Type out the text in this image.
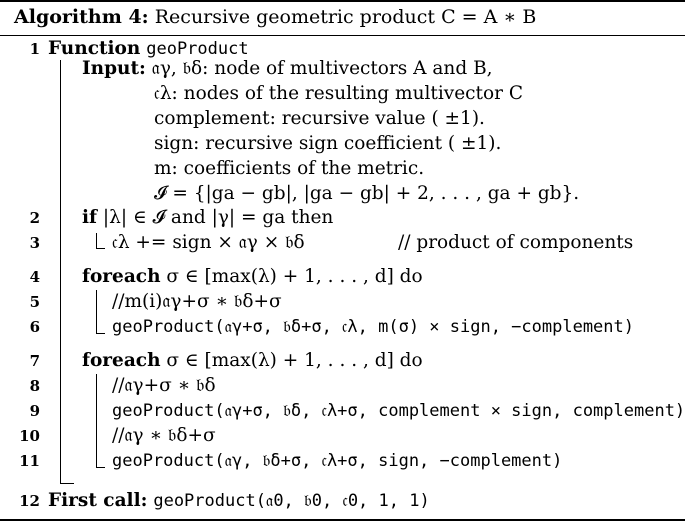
Algorithm 4: Recursive geometric product C = A ∗ B
1 Function geoProduct
Input: 𝔞γ, 𝔟δ: node of multivectors A and B,
𝔠λ: nodes of the resulting multivector C
complement: recursive value ( ±1).
sign: recursive sign coefficient ( ±1).
m: coefficients of the metric.
𝓘 = {|ga − gb|, |ga − gb| + 2, . . . , ga + gb}.
2 if |λ| ∈ 𝓘 and |γ| = ga then
3	𝔠λ += sign × 𝔞γ × 𝔟δ	// product of components
4 foreach σ ∈ [max(λ) + 1, . . . , d] do
5	//m(i)𝔞γ+σ ∗ 𝔟δ+σ
6	geoProduct(𝔞γ+σ, 𝔟δ+σ, 𝔠λ, m(σ) × sign, −complement)
7 foreach σ ∈ [max(λ) + 1, . . . , d] do
8	//𝔞γ+σ ∗ 𝔟δ
9	geoProduct(𝔞γ+σ, 𝔟δ, 𝔠λ+σ, complement × sign, complement)
10	//𝔞γ ∗ 𝔟δ+σ
11	geoProduct(𝔞γ, 𝔟δ+σ, 𝔠λ+σ, sign, −complement)
12 First call: geoProduct(𝔞0, 𝔟0, 𝔠0, 1, 1)
